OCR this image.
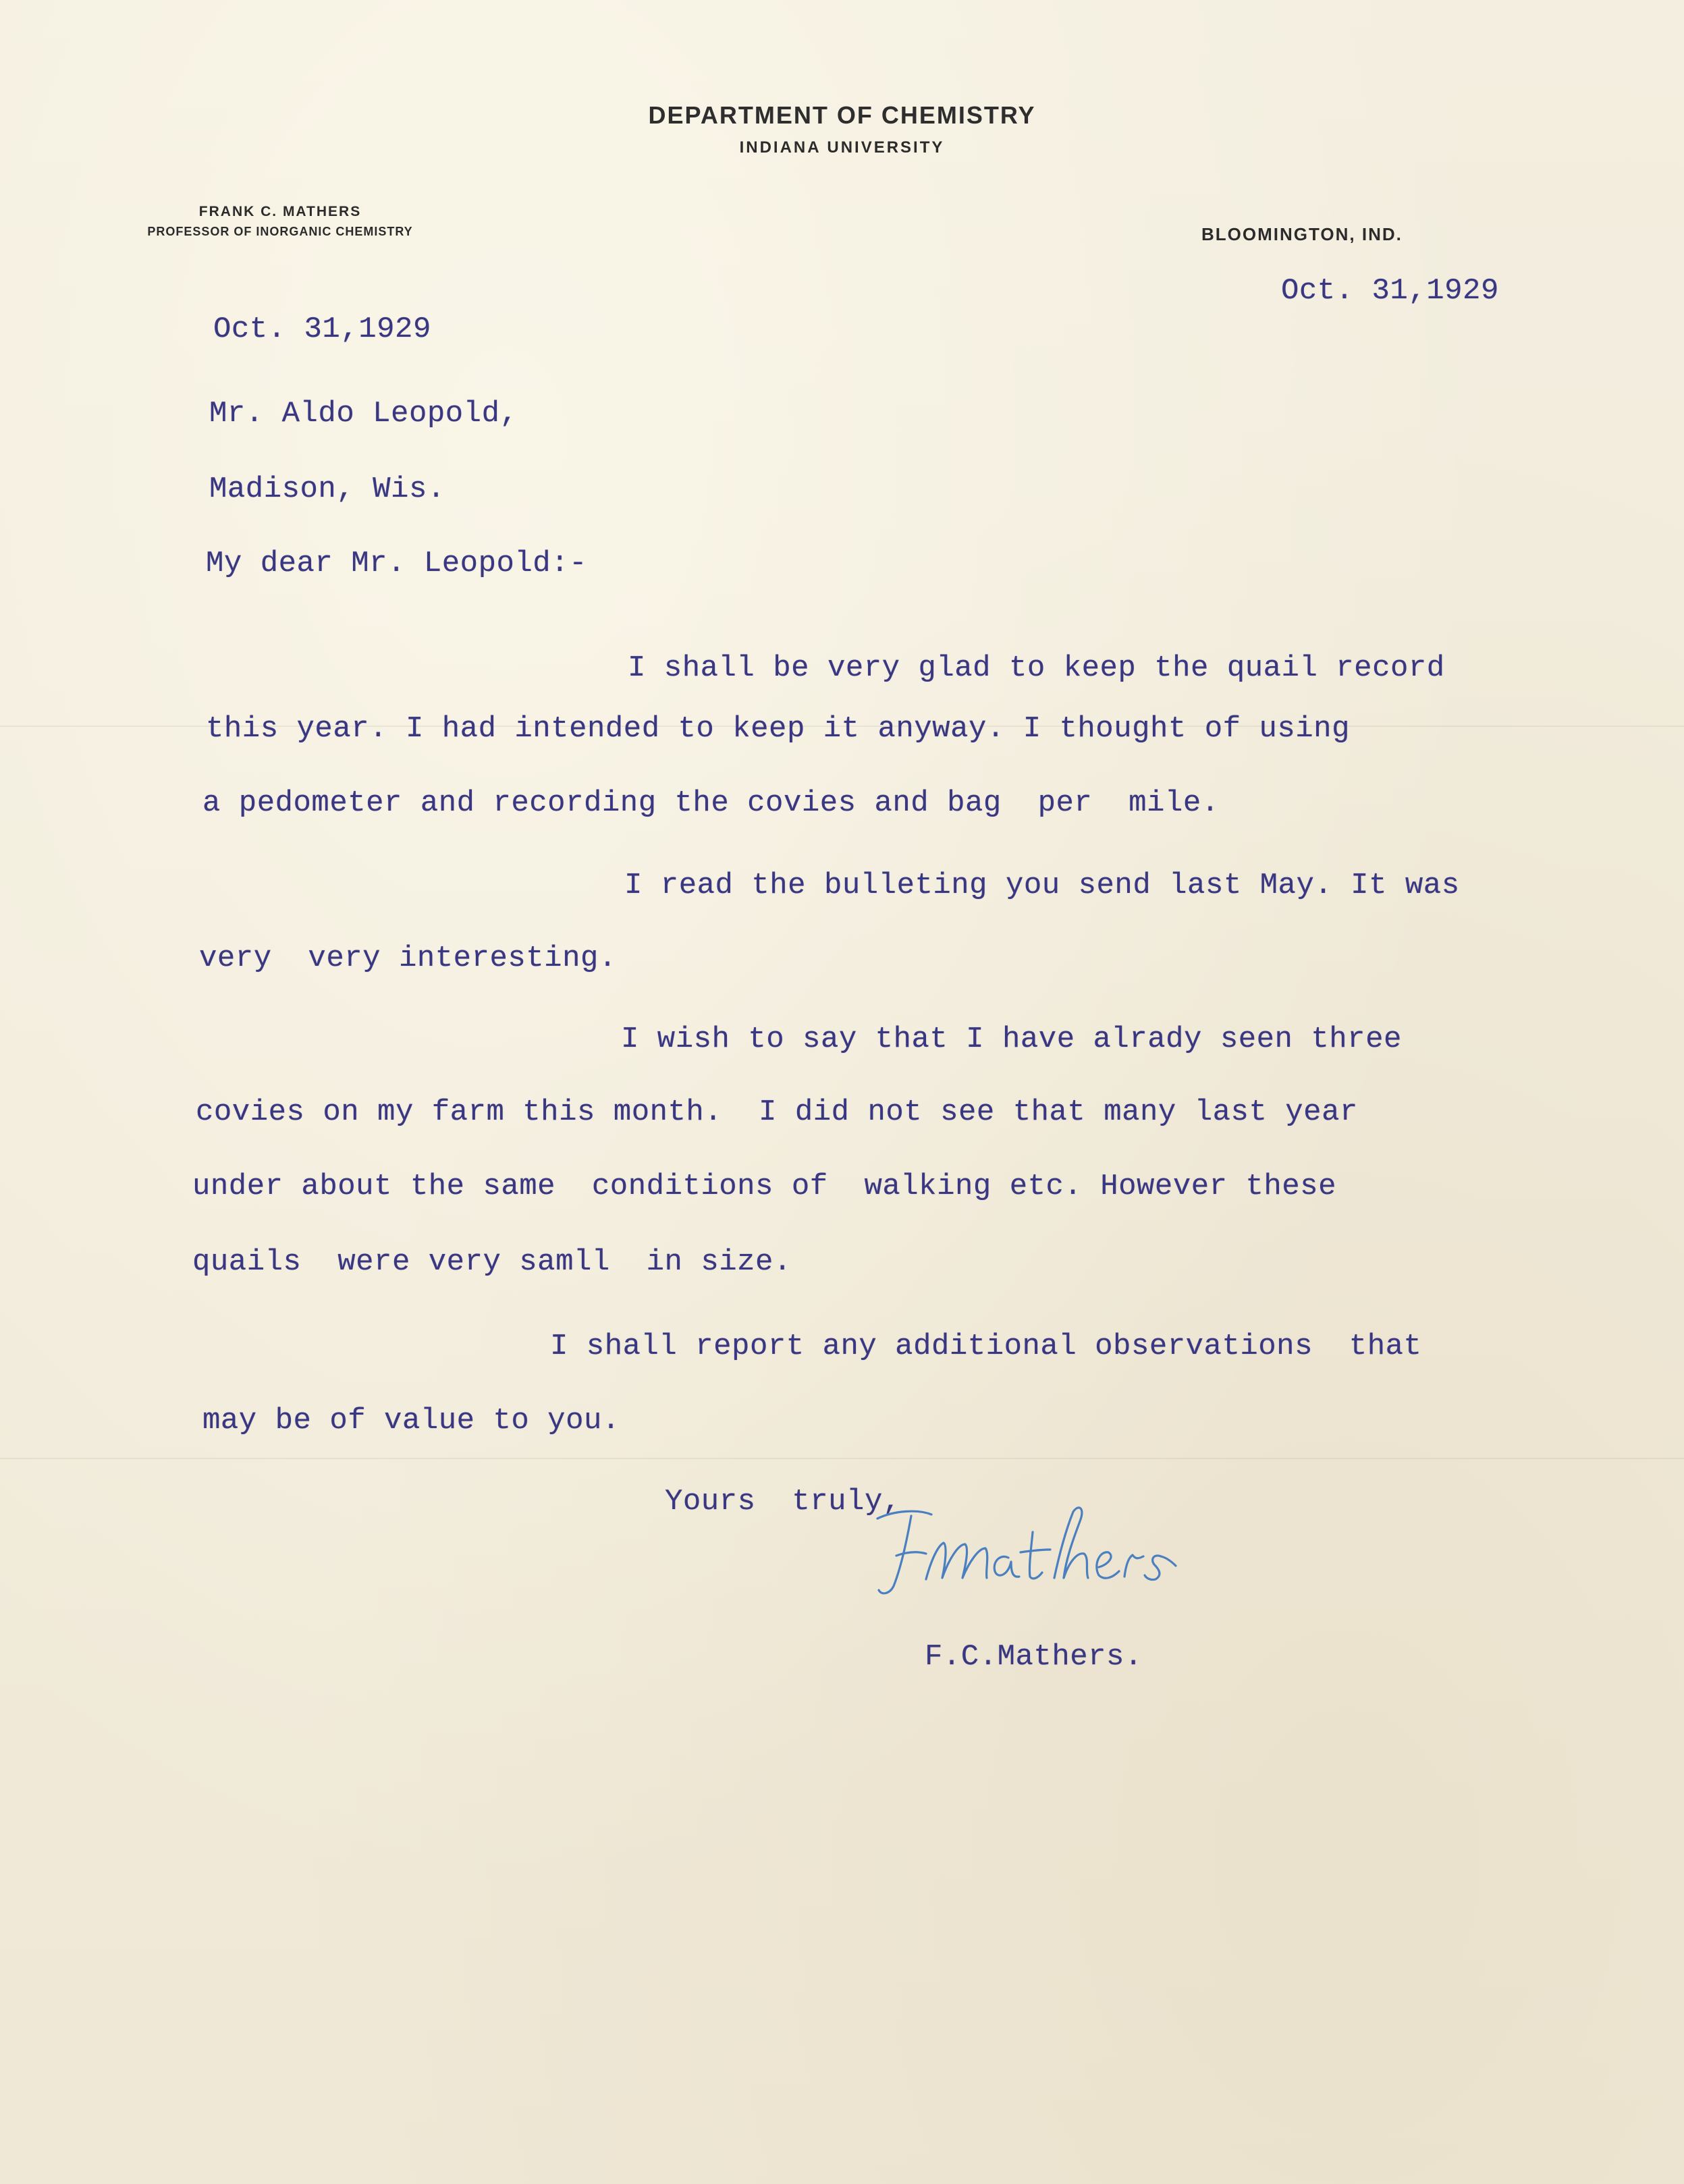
DEPARTMENT OF CHEMISTRY
INDIANA UNIVERSITY
FRANK C. MATHERS
PROFESSOR OF INORGANIC CHEMISTRY	BLOOMINGTON, IND.
Oct. 31,1929
Oct. 31,1929
Mr. Aldo Leopold,
Madison, Wis.
My dear Mr. Leopold:-
I shall be very glad to keep the quail record
this year. I had intended to keep it anyway. I thought of using
a pedometer and recording the covies and bag  per  mile.
I read the bulleting you send last May. It was
very  very interesting.
I wish to say that I have alrady seen three
covies on my farm this month.  I did not see that many last year
under about the same  conditions of  walking etc. However these
quails  were very samll  in size.
I shall report any additional observations  that
may be of value to you.
Yours  truly,
F.C.Mathers.
